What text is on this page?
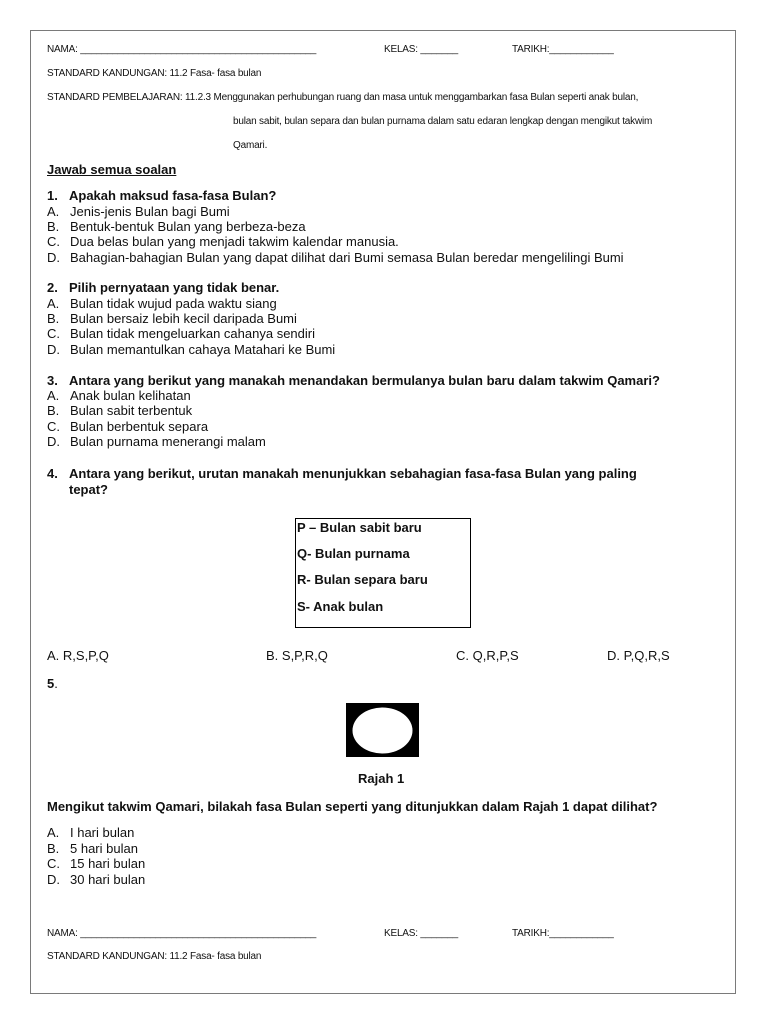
NAMA: ____________________________________________	KELAS: _______	TARIKH:____________
STANDARD KANDUNGAN: 11.2 Fasa- fasa bulan
STANDARD PEMBELAJARAN: 11.2.3 Menggunakan perhubungan ruang dan masa untuk menggambarkan fasa Bulan seperti anak bulan,
bulan sabit, bulan separa dan bulan purnama dalam satu edaran lengkap dengan mengikut takwim
Qamari.
Jawab semua soalan
1. Apakah maksud fasa-fasa Bulan?
A. Jenis-jenis Bulan bagi Bumi
B. Bentuk-bentuk Bulan yang berbeza-beza
C. Dua belas bulan yang menjadi takwim kalendar manusia.
D. Bahagian-bahagian Bulan yang dapat dilihat dari Bumi semasa Bulan beredar mengelilingi Bumi
2. Pilih pernyataan yang tidak benar.
A. Bulan tidak wujud pada waktu siang
B. Bulan bersaiz lebih kecil daripada Bumi
C. Bulan tidak mengeluarkan cahanya sendiri
D. Bulan memantulkan cahaya Matahari ke Bumi
3. Antara yang berikut yang manakah menandakan bermulanya bulan baru dalam takwim Qamari?
A. Anak bulan kelihatan
B. Bulan sabit terbentuk
C. Bulan berbentuk separa
D. Bulan purnama menerangi malam
4. Antara yang berikut, urutan manakah menunjukkan sebahagian fasa-fasa Bulan yang paling
tepat?
P – Bulan sabit baru
Q- Bulan purnama
R- Bulan separa baru
S- Anak bulan
A. R,S,P,Q	B. S,P,R,Q	C. Q,R,P,S	D. P,Q,R,S
5.
Rajah 1
Mengikut takwim Qamari, bilakah fasa Bulan seperti yang ditunjukkan dalam Rajah 1 dapat dilihat?
A. I hari bulan
B. 5 hari bulan
C. 15 hari bulan
D. 30 hari bulan
NAMA: ____________________________________________	KELAS: _______	TARIKH:____________
STANDARD KANDUNGAN: 11.2 Fasa- fasa bulan
